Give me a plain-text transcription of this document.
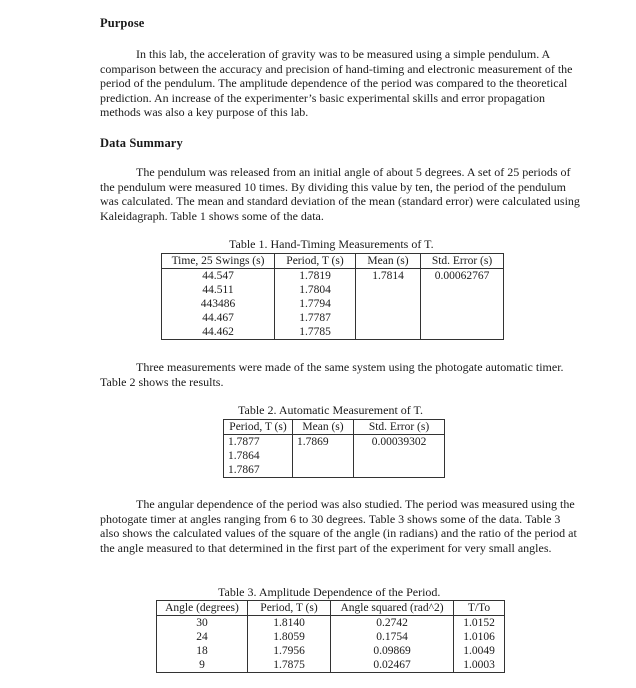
Purpose

In this lab, the acceleration of gravity was to be measured using a simple pendulum. A comparison between the accuracy and precision of hand-timing and electronic measurement of the period of the pendulum. The amplitude dependence of the period was compared to the theoretical prediction. An increase of the experimenter’s basic experimental skills and error propagation methods was also a key purpose of this lab.

Data Summary

The pendulum was released from an initial angle of about 5 degrees. A set of 25 periods of the pendulum were measured 10 times. By dividing this value by ten, the period of the pendulum was calculated. The mean and standard deviation of the mean (standard error) were calculated using Kaleidagraph. Table 1 shows some of the data.

Table 1. Hand-Timing Measurements of T.
Time, 25 Swings (s)	Period, T (s)	Mean (s)	Std. Error (s)
44.547	1.7819	1.7814	0.00062767
44.511	1.7804		
443486	1.7794		
44.467	1.7787		
44.462	1.7785		

Three measurements were made of the same system using the photogate automatic timer. Table 2 shows the results.

Table 2. Automatic Measurement of T.
Period, T (s)	Mean (s)	Std. Error (s)
1.7877	1.7869	0.00039302
1.7864		
1.7867		

The angular dependence of the period was also studied. The period was measured using the photogate timer at angles ranging from 6 to 30 degrees. Table 3 shows some of the data. Table 3 also shows the calculated values of the square of the angle (in radians) and the ratio of the period at the angle measured to that determined in the first part of the experiment for very small angles.

Table 3. Amplitude Dependence of the Period.
Angle (degrees)	Period, T (s)	Angle squared (rad^2)	T/To
30	1.8140	0.2742	1.0152
24	1.8059	0.1754	1.0106
18	1.7956	0.09869	1.0049
9	1.7875	0.02467	1.0003
